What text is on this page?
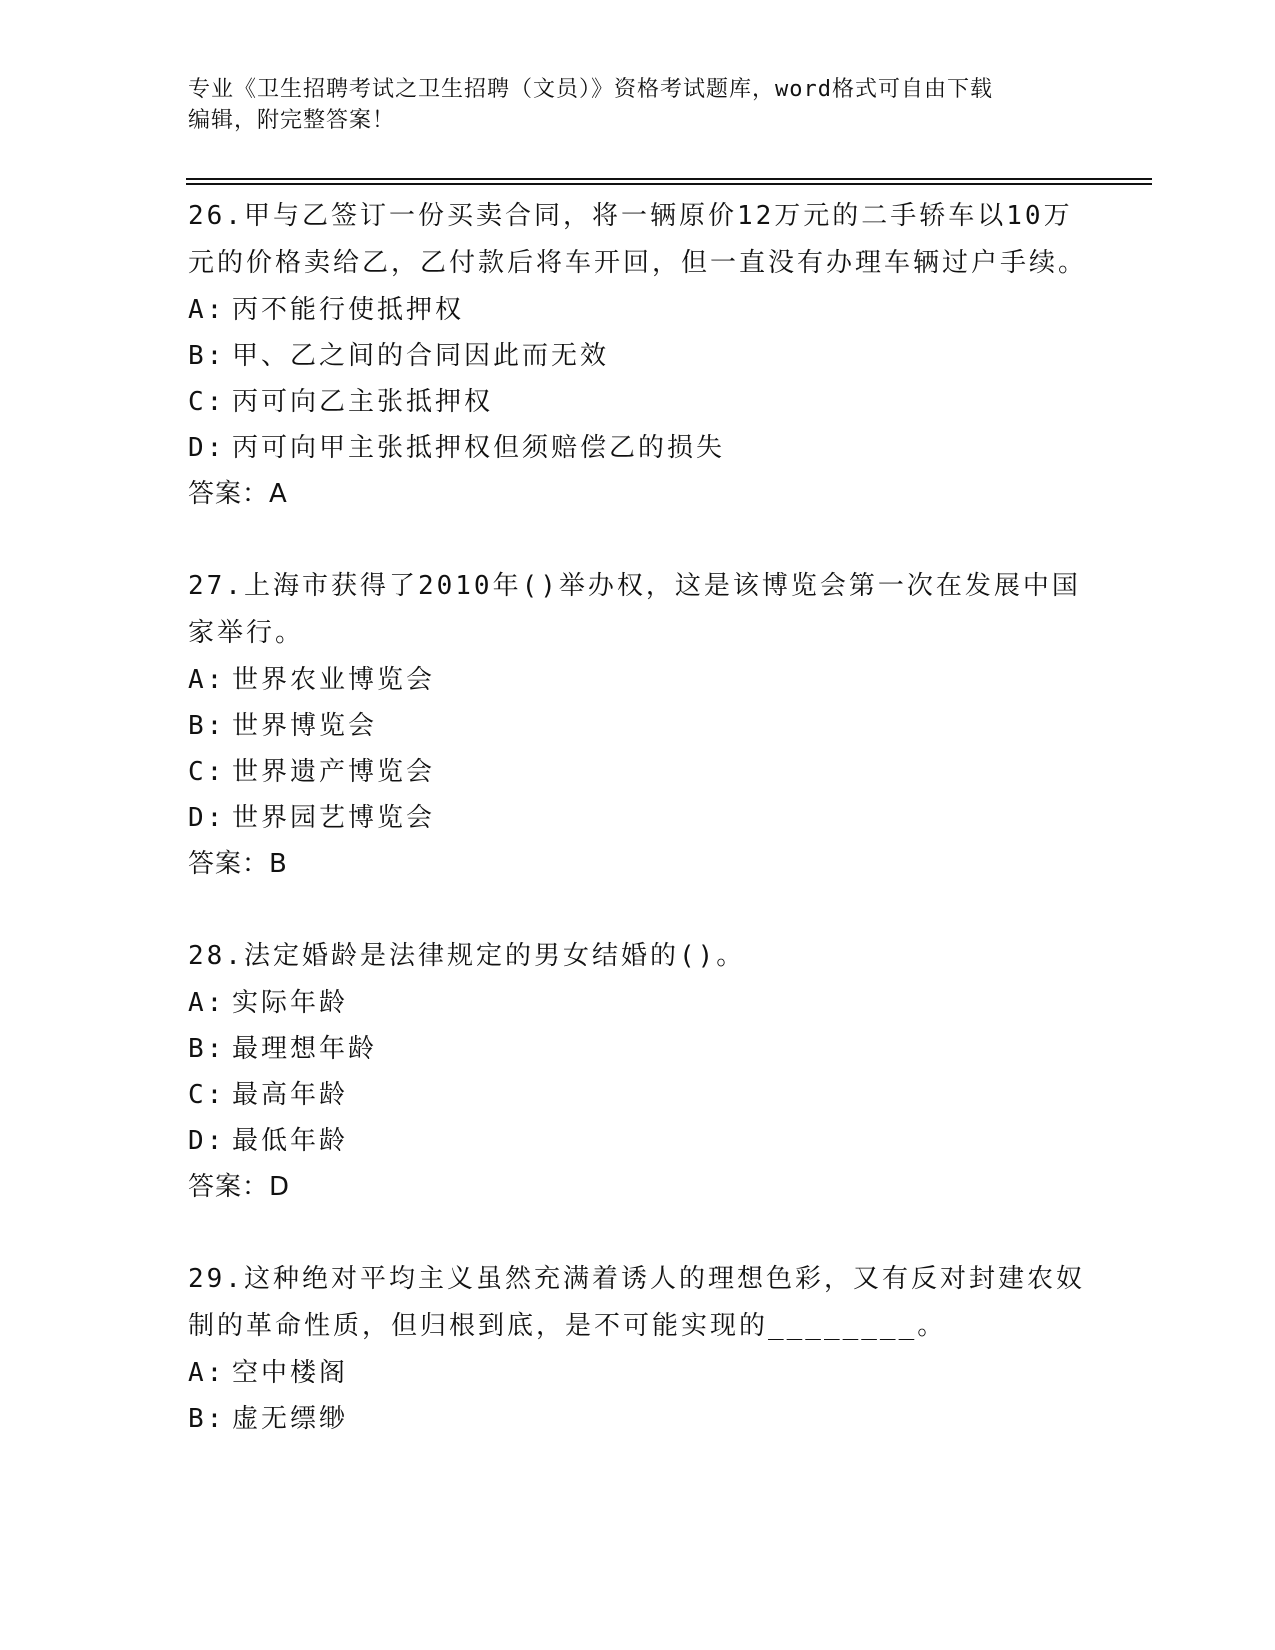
专业《卫生招聘考试之卫生招聘（文员）》资格考试题库，word格式可自由下载
编辑，附完整答案！
26.甲与乙签订一份买卖合同，将一辆原价12万元的二手轿车以10万元的价格卖给乙，乙付款后将车开回，但一直没有办理车辆过户手续。
A: 丙不能行使抵押权
B: 甲、乙之间的合同因此而无效
C: 丙可向乙主张抵押权
D: 丙可向甲主张抵押权但须赔偿乙的损失
答案：A
27.上海市获得了2010年()举办权，这是该博览会第一次在发展中国家举行。
A: 世界农业博览会
B: 世界博览会
C: 世界遗产博览会
D: 世界园艺博览会
答案：B
28.法定婚龄是法律规定的男女结婚的()。
A: 实际年龄
B: 最理想年龄
C: 最高年龄
D: 最低年龄
答案：D
29.这种绝对平均主义虽然充满着诱人的理想色彩，又有反对封建农奴制的革命性质，但归根到底，是不可能实现的________。
A: 空中楼阁
B: 虚无缥缈
